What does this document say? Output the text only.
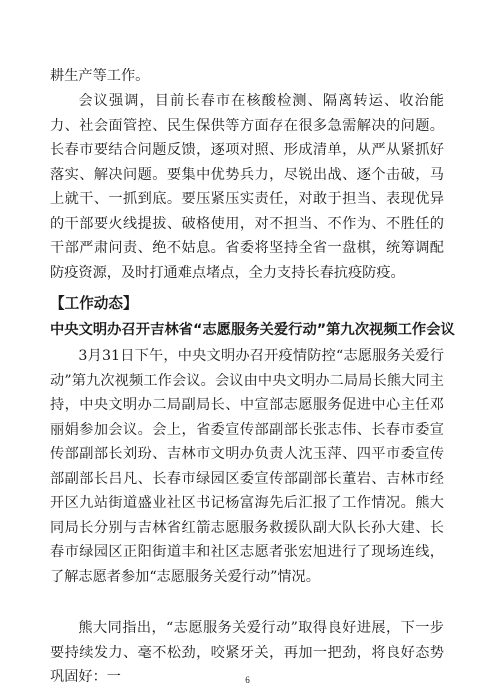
耕生产等工作。

会议强调，目前长春市在核酸检测、隔离转运、收治能力、社会面管控、民生保供等方面存在很多急需解决的问题。长春市要结合问题反馈，逐项对照、形成清单，从严从紧抓好落实、解决问题。要集中优势兵力，尽锐出战、逐个击破，马上就干、一抓到底。要压紧压实责任，对敢于担当、表现优异的干部要火线提拔、破格使用，对不担当、不作为、不胜任的干部严肃问责、绝不姑息。省委将坚持全省一盘棋，统筹调配防疫资源，及时打通难点堵点，全力支持长春抗疫防疫。

【工作动态】
中央文明办召开吉林省“志愿服务关爱行动”第九次视频工作会议

3月31日下午，中央文明办召开疫情防控“志愿服务关爱行动”第九次视频工作会议。会议由中央文明办二局局长熊大同主持，中央文明办二局副局长、中宣部志愿服务促进中心主任邓丽娟参加会议。会上，省委宣传部副部长张志伟、长春市委宣传部副部长刘玢、吉林市文明办负责人沈玉萍、四平市委宣传部副部长吕凡、长春市绿园区委宣传部副部长董岩、吉林市经开区九站街道盛业社区书记杨富海先后汇报了工作情况。熊大同局长分别与吉林省红箭志愿服务救援队副大队长孙大建、长春市绿园区正阳街道丰和社区志愿者张宏旭进行了现场连线，了解志愿者参加“志愿服务关爱行动”情况。

熊大同指出，“志愿服务关爱行动”取得良好进展，下一步要持续发力、毫不松劲，咬紧牙关，再加一把劲，将良好态势巩固好：一	6
